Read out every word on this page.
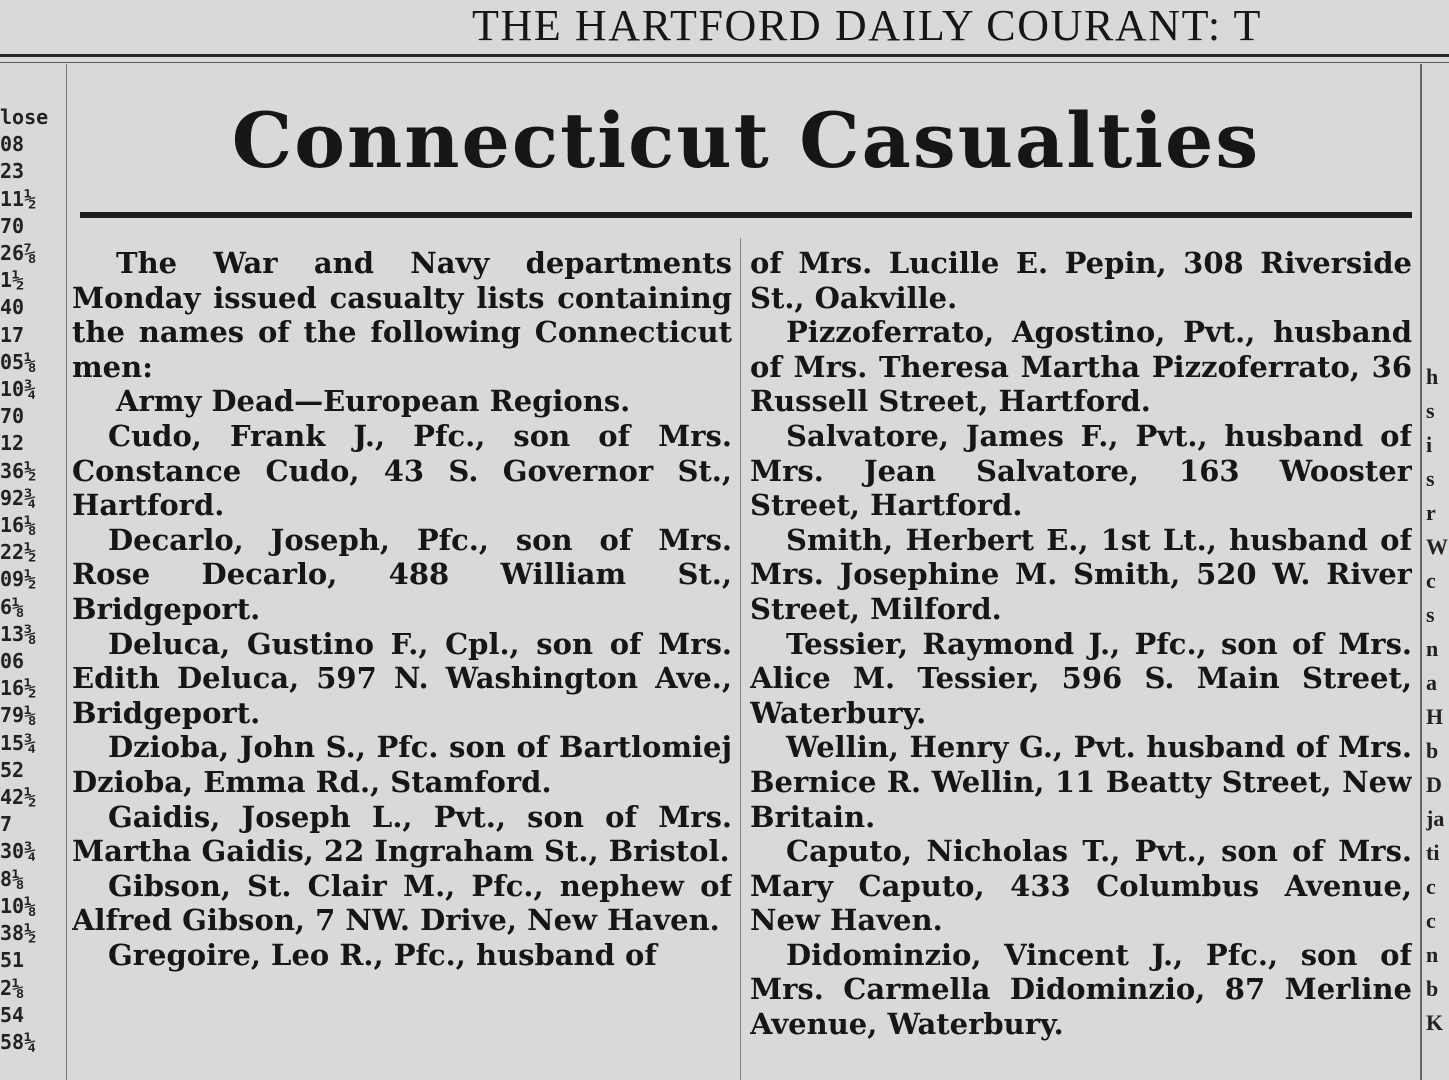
THE HARTFORD DAILY COURANT: T
lose
08
23
11½
70
26⅞
1½
40
17
05⅛
10¾
70
12
36½
92¾
16⅛
22½
09½
6⅛
13⅜
06
16½
79⅛
15¾
52
42½
7
30¾
8⅛
10⅛
38½
51
2⅛
54
58¼
h
s
i
s
r
W
c
s
n
a
H
b
D
ja
ti
c
c
n
b
K
Connecticut Casualties

The War and Navy departments Monday issued casualty lists containing the names of the following Connecticut men:

Army Dead—European Regions.

Cudo, Frank J., Pfc., son of Mrs. Constance Cudo, 43 S. Governor St., Hartford.

Decarlo, Joseph, Pfc., son of Mrs. Rose Decarlo, 488 William St., Bridgeport.

Deluca, Gustino F., Cpl., son of Mrs. Edith Deluca, 597 N. Washington Ave., Bridgeport.

Dzioba, John S., Pfc. son of Bartlomiej Dzioba, Emma Rd., Stamford.

Gaidis, Joseph L., Pvt., son of Mrs. Martha Gaidis, 22 Ingraham St., Bristol.

Gibson, St. Clair M., Pfc., nephew of Alfred Gibson, 7 NW. Drive, New Haven.

Gregoire, Leo R., Pfc., husband of

of Mrs. Lucille E. Pepin, 308 Riverside St., Oakville.

Pizzoferrato, Agostino, Pvt., husband of Mrs. Theresa Martha Pizzoferrato, 36 Russell Street, Hartford.

Salvatore, James F., Pvt., husband of Mrs. Jean Salvatore, 163 Wooster Street, Hartford.

Smith, Herbert E., 1st Lt., husband of Mrs. Josephine M. Smith, 520 W. River Street, Milford.

Tessier, Raymond J., Pfc., son of Mrs. Alice M. Tessier, 596 S. Main Street, Waterbury.

Wellin, Henry G., Pvt. husband of Mrs. Bernice R. Wellin, 11 Beatty Street, New Britain.

Caputo, Nicholas T., Pvt., son of Mrs. Mary Caputo, 433 Columbus Avenue, New Haven.

Didominzio, Vincent J., Pfc., son of Mrs. Carmella Didominzio, 87 Merline Avenue, Waterbury.
